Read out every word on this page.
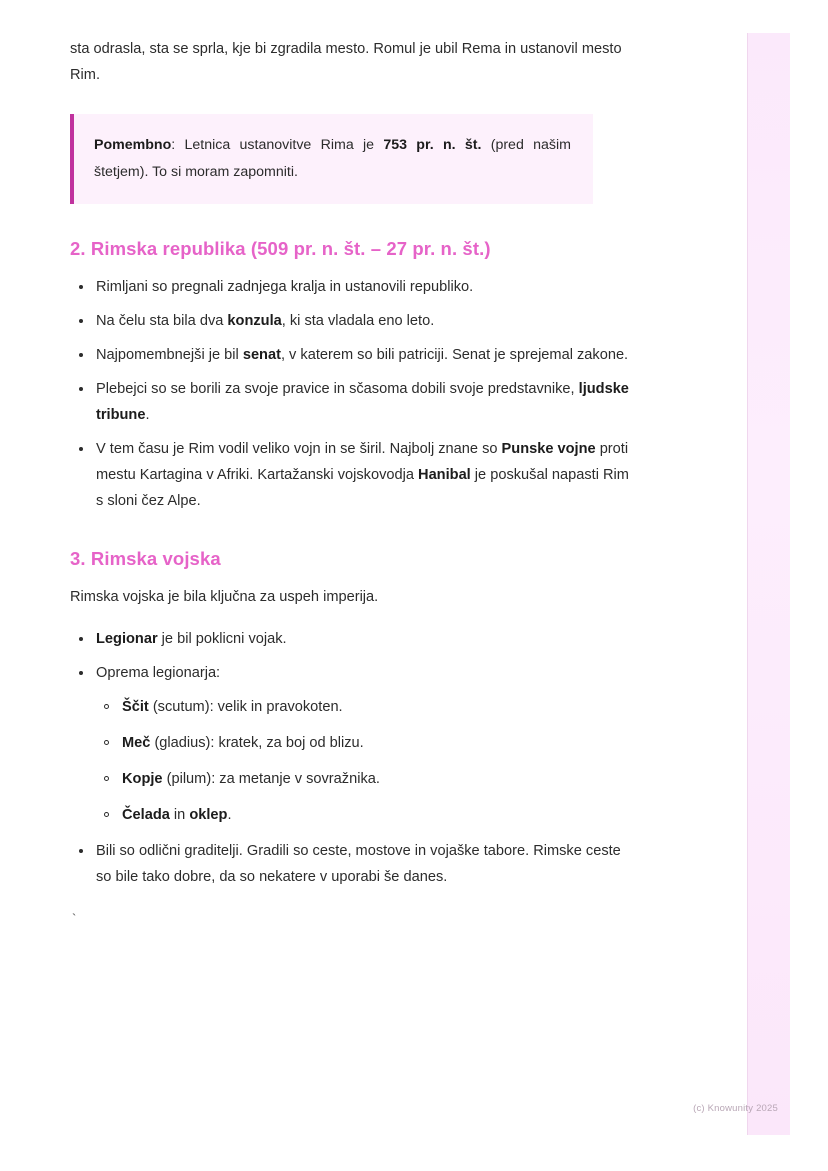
sta odrasla, sta se sprla, kje bi zgradila mesto. Romul je ubil Rema in ustanovil mesto Rim.

Pomembno: Letnica ustanovitve Rima je 753 pr. n. št. (pred našim štetjem). To si moram zapomniti.

2. Rimska republika (509 pr. n. št. – 27 pr. n. št.)
Rimljani so pregnali zadnjega kralja in ustanovili republiko.
Na čelu sta bila dva konzula, ki sta vladala eno leto.
Najpomembnejši je bil senat, v katerem so bili patriciji. Senat je sprejemal zakone.
Plebejci so se borili za svoje pravice in sčasoma dobili svoje predstavnike, ljudske tribune.
V tem času je Rim vodil veliko vojn in se širil. Najbolj znane so Punske vojne proti mestu Kartagina v Afriki. Kartažanski vojskovodja Hanibal je poskušal napasti Rim s sloni čez Alpe.
3. Rimska vojska

Rimska vojska je bila ključna za uspeh imperija.

Legionar je bil poklicni vojak.
Oprema legionarja:
Ščit (scutum): velik in pravokoten.
Meč (gladius): kratek, za boj od blizu.
Kopje (pilum): za metanje v sovražnika.
Čelada in oklep.
Bili so odlični graditelji. Gradili so ceste, mostove in vojaške tabore. Rimske ceste so bile tako dobre, da so nekatere v uporabi še danes.
`
(c) Knowunity 2025
